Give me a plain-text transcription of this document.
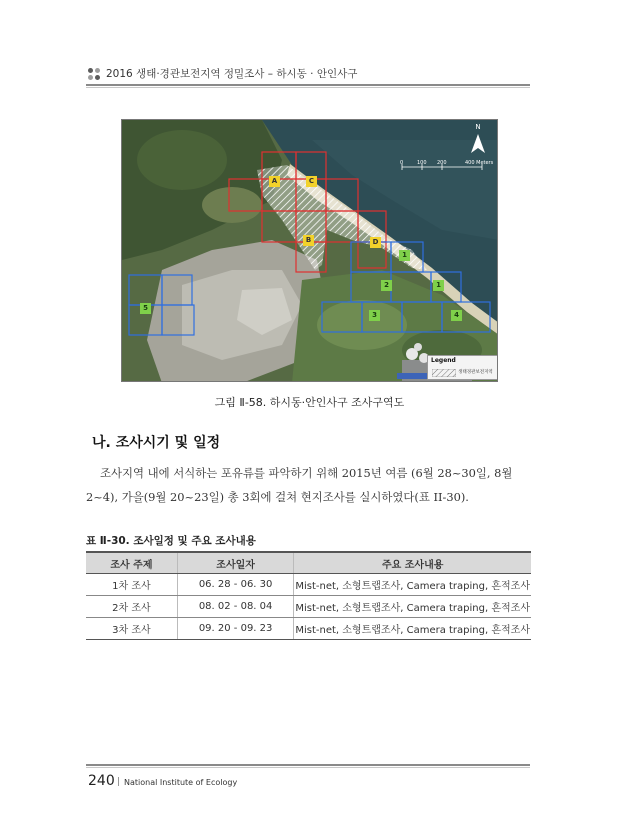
2016 생태·경관보전지역 정밀조사 – 하시동 · 안인사구
N
0	100 200	400 Meters
A	C
B	D
1
2	1
3	4
5
Legend
생태경관보전지역
그림 Ⅱ-58. 하시동·안인사구 조사구역도
나. 조사시기 및 일정
조사지역 내에 서식하는 포유류를 파악하기 위해 2015년 여름 (6월 28~30일, 8월
2~4), 가을(9월 20~23일) 총 3회에 걸쳐 현지조사를 실시하였다(표 II-30).
표 Ⅱ-30. 조사일정 및 주요 조사내용
조사 주제	조사일자	주요 조사내용
1차 조사	06. 28 - 06. 30	Mist-net, 소형트랩조사, Camera traping, 흔적조사
2차 조사	08. 02 - 08. 04	Mist-net, 소형트랩조사, Camera traping, 흔적조사
3차 조사	09. 20 - 09. 23	Mist-net, 소형트랩조사, Camera traping, 흔적조사
240 | National Institute of Ecology
